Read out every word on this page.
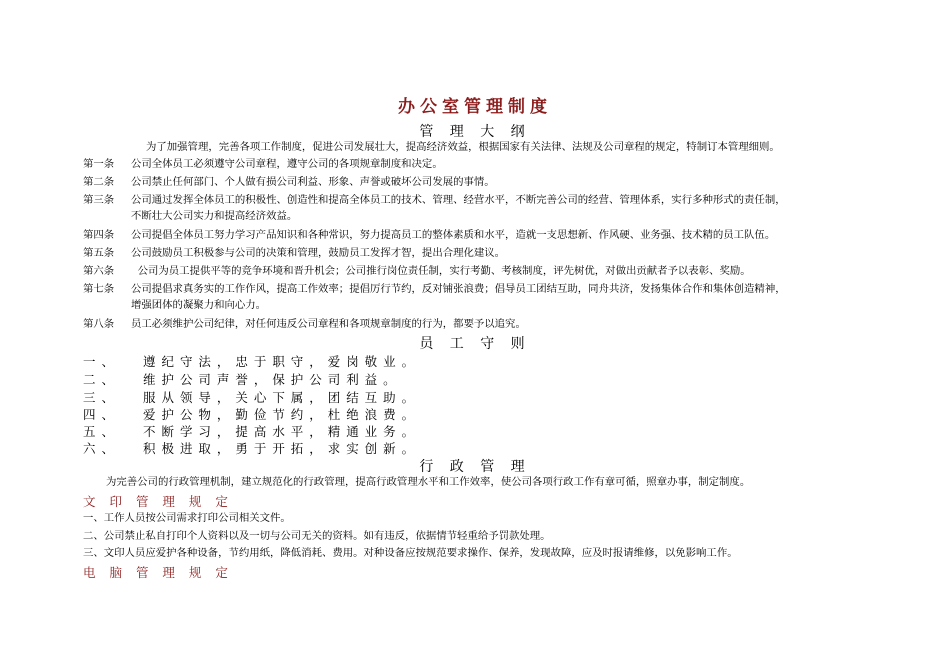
办公室管理制度
管 理 大 纲
为了加强管理，完善各项工作制度，促进公司发展壮大，提高经济效益，根据国家有关法律、法规及公司章程的规定，特制订本管理细则。
第一条 公司全体员工必须遵守公司章程，遵守公司的各项规章制度和决定。
第二条 公司禁止任何部门、个人做有损公司利益、形象、声誉或破坏公司发展的事情。
第三条 公司通过发挥全体员工的积极性、创造性和提高全体员工的技术、管理、经营水平，不断完善公司的经营、管理体系，实行多种形式的责任制，
不断壮大公司实力和提高经济效益。
第四条 公司提倡全体员工努力学习产品知识和各种常识，努力提高员工的整体素质和水平，造就一支思想新、作风硬、业务强、技术精的员工队伍。
第五条 公司鼓励员工积极参与公司的决策和管理，鼓励员工发挥才智，提出合理化建议。
第六条 公司为员工提供平等的竞争环境和晋升机会；公司推行岗位责任制，实行考勤、考核制度，评先树优，对做出贡献者予以表彰、奖励。
第七条 公司提倡求真务实的工作作风，提高工作效率；提倡厉行节约，反对铺张浪费；倡导员工团结互助，同舟共济，发扬集体合作和集体创造精神，
增强团体的凝聚力和向心力。
第八条 员工必须维护公司纪律，对任何违反公司章程和各项规章制度的行为，都要予以追究。
员 工 守 则
一 、 遵 纪 守 法 ， 忠 于 职 守 ， 爱 岗 敬 业 。
二 、 维 护 公 司 声 誉 ， 保 护 公 司 利 益 。
三 、 服 从 领 导 ， 关 心 下 属 ， 团 结 互 助 。
四 、 爱 护 公 物 ， 勤 俭 节 约 ， 杜 绝 浪 费 。
五 、 不 断 学 习 ， 提 高 水 平 ， 精 通 业 务 。
六 、 积 极 进 取 ， 勇 于 开 拓 ， 求 实 创 新 。
行 政 管 理
为完善公司的行政管理机制，建立规范化的行政管理，提高行政管理水平和工作效率，使公司各项行政工作有章可循，照章办事，制定制度。
文 印 管 理 规 定
一、工作人员按公司需求打印公司相关文件。
二、公司禁止私自打印个人资料以及一切与公司无关的资料。如有违反，依据情节轻重给予罚款处理。
三、文印人员应爱护各种设备，节约用纸，降低消耗、费用。对种设备应按规范要求操作、保养，发现故障，应及时报请维修，以免影响工作。
电 脑 管 理 规 定
